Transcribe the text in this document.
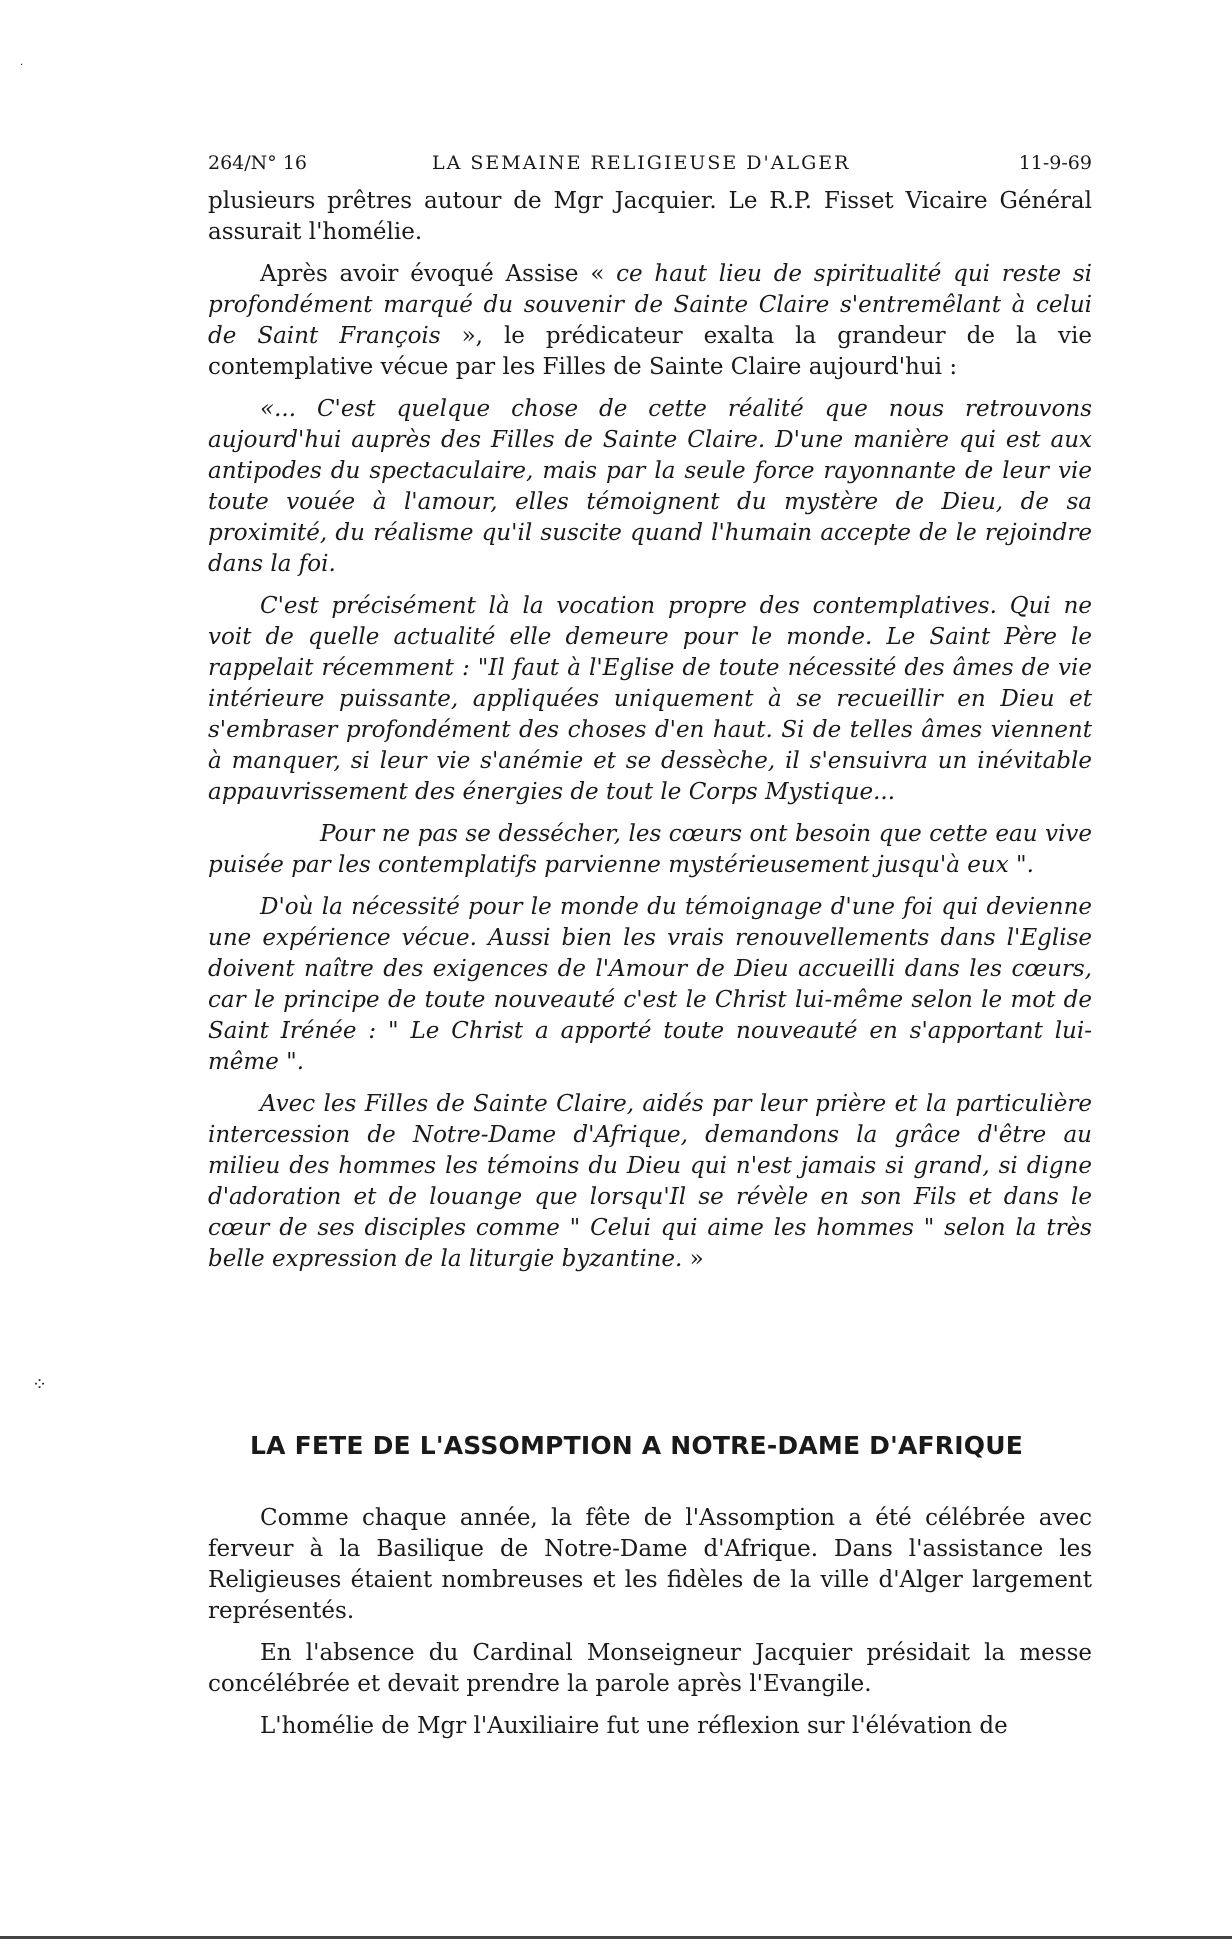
264/N° 16	LA SEMAINE RELIGIEUSE D'ALGER	11-9-69

plusieurs prêtres autour de Mgr Jacquier. Le R.P. Fisset Vicaire Général assurait l'homélie.

Après avoir évoqué Assise « ce haut lieu de spiritualité qui reste si profondément marqué du souvenir de Sainte Claire s'entremêlant à celui de Saint François », le prédicateur exalta la grandeur de la vie contemplative vécue par les Filles de Sainte Claire aujourd'hui :

«... C'est quelque chose de cette réalité que nous retrouvons aujourd'hui auprès des Filles de Sainte Claire. D'une manière qui est aux antipodes du spectaculaire, mais par la seule force rayonnante de leur vie toute vouée à l'amour, elles témoignent du mystère de Dieu, de sa proximité, du réalisme qu'il suscite quand l'humain accepte de le rejoindre dans la foi.

C'est précisément là la vocation propre des contemplatives. Qui ne voit de quelle actualité elle demeure pour le monde. Le Saint Père le rappelait récemment : "Il faut à l'Eglise de toute nécessité des âmes de vie intérieure puissante, appliquées uniquement à se recueillir en Dieu et s'embraser profondément des choses d'en haut. Si de telles âmes viennent à manquer, si leur vie s'anémie et se dessèche, il s'ensuivra un inévitable appauvrissement des énergies de tout le Corps Mystique...

Pour ne pas se dessécher, les cœurs ont besoin que cette eau vive puisée par les contemplatifs parvienne mystérieusement jusqu'à eux ".

D'où la nécessité pour le monde du témoignage d'une foi qui devienne une expérience vécue. Aussi bien les vrais renouvellements dans l'Eglise doivent naître des exigences de l'Amour de Dieu accueilli dans les cœurs, car le principe de toute nouveauté c'est le Christ lui-même selon le mot de Saint Irénée : " Le Christ a apporté toute nouveauté en s'apportant lui-même ".

Avec les Filles de Sainte Claire, aidés par leur prière et la particulière intercession de Notre-Dame d'Afrique, demandons la grâce d'être au milieu des hommes les témoins du Dieu qui n'est jamais si grand, si digne d'adoration et de louange que lorsqu'Il se révèle en son Fils et dans le cœur de ses disciples comme " Celui qui aime les hommes " selon la très belle expression de la liturgie byzantine. »

LA FETE DE L'ASSOMPTION A NOTRE-DAME D'AFRIQUE

Comme chaque année, la fête de l'Assomption a été célébrée avec ferveur à la Basilique de Notre-Dame d'Afrique. Dans l'assistance les Religieuses étaient nombreuses et les fidèles de la ville d'Alger largement représentés.

En l'absence du Cardinal Monseigneur Jacquier présidait la messe concélébrée et devait prendre la parole après l'Evangile.

L'homélie de Mgr l'Auxiliaire fut une réflexion sur l'élévation de

·
⁘
